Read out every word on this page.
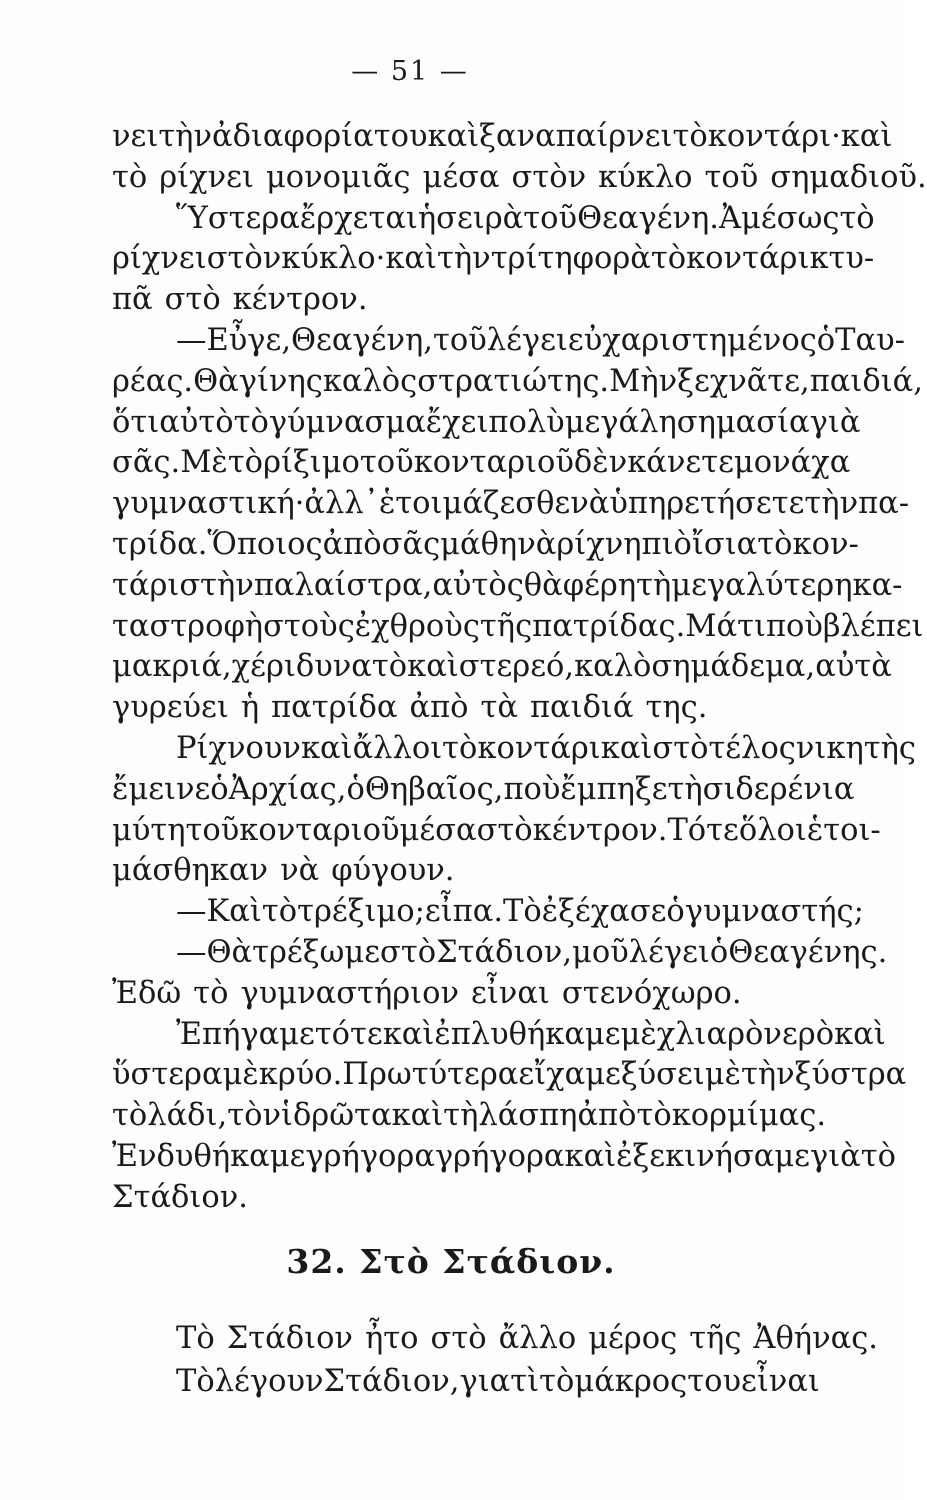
— 51 —
νει τὴν ἀδιαφορία του καὶ ξαναπαίρνει τὸ κοντάρι· καὶ
τὸ ρίχνει μονομιᾶς μέσα στὸν κύκλο τοῦ σημαδιοῦ.
Ὕστερα ἔρχεται ἡ σειρὰ τοῦ Θεαγένη. Ἀμέσως τὸ
ρίχνει στὸν κύκλο· καὶ τὴν τρίτη φορὰ τὸ κοντάρι κτυ-
πᾶ στὸ κέντρον.
— Εὖγε, Θεαγένη, τοῦ λέγει εὐχαριστημένος ὁ Ταυ-
ρέας. Θὰ γίνης καλὸς στρατιώτης. Μὴν ξεχνᾶτε, παιδιά,
ὅτι αὐτὸ τὸ γύμνασμα ἔχει πολὺ μεγάλη σημασία γιὰ
σᾶς. Μὲ τὸ ρίξιμο τοῦ κονταριοῦ δὲν κάνετε μονάχα
γυμναστική· ἀλλ᾿ ἑτοιμάζεσθε νὰ ὑπηρετήσετε τὴν πα-
τρίδα. Ὅποιος ἀπὸ σᾶς μάθη νὰ ρίχνη πιὸ ἴσια τὸ κον-
τάρι στὴν παλαίστρα, αὐτὸς θὰ φέρη τὴ μεγαλύτερη κα-
ταστροφὴ στοὺς ἐχθροὺς τῆς πατρίδας. Μάτι ποὺ βλέπει
μακριά, χέρι δυνατὸ καὶ στερεό, καλὸ σημάδεμα, αὐτὰ
γυρεύει ἡ πατρίδα ἀπὸ τὰ παιδιά της.
Ρίχνουν καὶ ἄλλοι τὸ κοντάρι καὶ στὸ τέλος νικητὴς
ἔμεινε ὁ Ἀρχίας, ὁ Θηβαῖος, ποὺ ἔμπηξε τὴ σιδερένια
μύτη τοῦ κονταριοῦ μέσα στὸ κέντρον. Τότε ὅλοι ἑτοι-
μάσθηκαν νὰ φύγουν.
— Καὶ τὸ τρέξιμο; εἶπα. Τὸ ἐξέχασε ὁ γυμναστής;
— Θὰ τρέξωμε στὸ Στάδιον, μοῦ λέγει ὁ Θεαγένης.
Ἐδῶ τὸ γυμναστήριον εἶναι στενόχωρο.
Ἐπήγαμε τότε καὶ ἐπλυθήκαμε μὲ χλιαρὸ νερὸ καὶ
ὕστερα μὲ κρύο. Πρωτύτερα εἴχαμε ξύσει μὲ τὴν ξύστρα
τὸ λάδι, τὸν ἱδρῶτα καὶ τὴ λάσπη ἀπὸ τὸ κορμί μας.
Ἐνδυθήκαμε γρήγορα γρήγορα καὶ ἐξεκινήσαμε γιὰ τὸ
Στάδιον.
32. Στὸ Στάδιον.
Τὸ Στάδιον ἦτο στὸ ἄλλο μέρος τῆς Ἀθήνας.
Τὸ λέγουν Στάδιον, γιατὶ τὸ μάκρος του εἶναι
